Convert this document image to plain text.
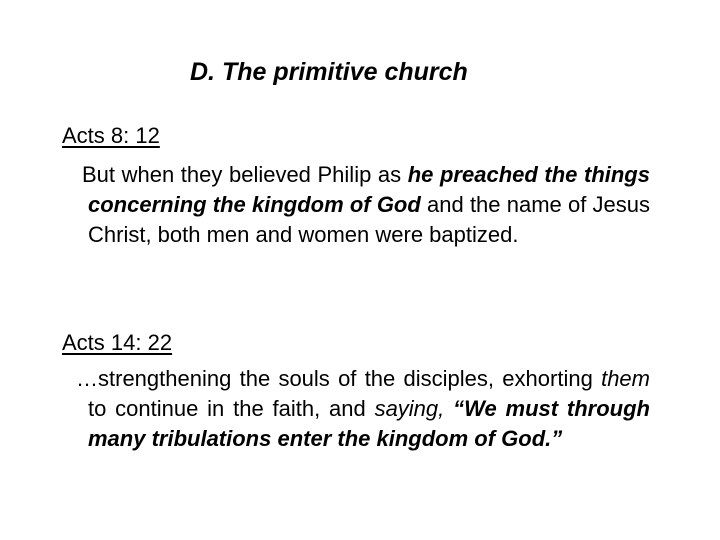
D. The primitive church
Acts 8: 12

But when they believed Philip as he preached the things concerning the kingdom of God and the name of Jesus Christ, both men and women were baptized.

Acts 14: 22

…strengthening the souls of the disciples, exhorting them to continue in the faith, and saying, “We must through many tribulations enter the kingdom of God.”
